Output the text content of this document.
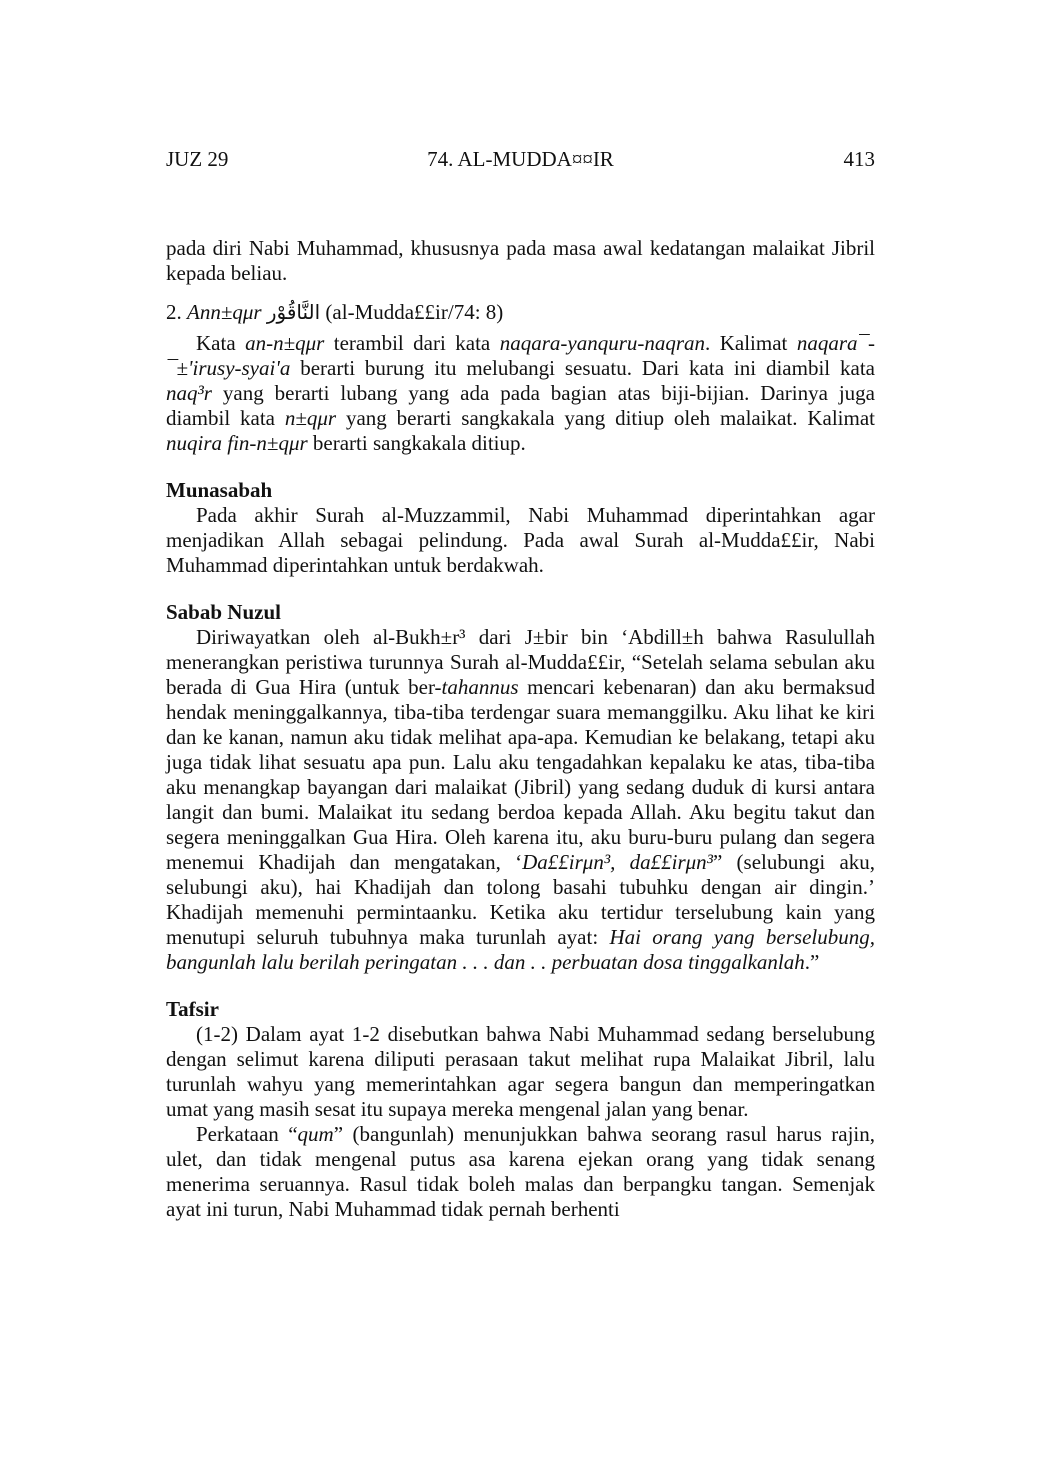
JUZ 29	74. AL-MUDDA¤¤IR	413

pada diri Nabi Muhammad, khususnya pada masa awal kedatangan malaikat Jibril kepada beliau.

2. Ann±qμr النَّاقُوْر (al-Mudda££ir/74: 8)

Kata an-n±qμr terambil dari kata naqara-yanquru-naqran. Kalimat naqara¯-¯±'irusy-syai'a berarti burung itu melubangi sesuatu. Dari kata ini diambil kata naq³r yang berarti lubang yang ada pada bagian atas biji-bijian. Darinya juga diambil kata n±qμr yang berarti sangkakala yang ditiup oleh malaikat. Kalimat nuqira fin-n±qμr berarti sangkakala ditiup.

Munasabah

Pada akhir Surah al-Muzzammil, Nabi Muhammad diperintahkan agar menjadikan Allah sebagai pelindung. Pada awal Surah al-Mudda££ir, Nabi Muhammad diperintahkan untuk berdakwah.

Sabab Nuzul

Diriwayatkan oleh al-Bukh±r³ dari J±bir bin ‘Abdill±h bahwa Rasulullah menerangkan peristiwa turunnya Surah al-Mudda££ir, “Setelah selama sebulan aku berada di Gua Hira (untuk ber-tahannus mencari kebenaran) dan aku bermaksud hendak meninggalkannya, tiba-tiba terdengar suara memanggilku. Aku lihat ke kiri dan ke kanan, namun aku tidak melihat apa-apa. Kemudian ke belakang, tetapi aku juga tidak lihat sesuatu apa pun. Lalu aku tengadahkan kepalaku ke atas, tiba-tiba aku menangkap bayangan dari malaikat (Jibril) yang sedang duduk di kursi antara langit dan bumi. Malaikat itu sedang berdoa kepada Allah. Aku begitu takut dan segera meninggalkan Gua Hira. Oleh karena itu, aku buru-buru pulang dan segera menemui Khadijah dan mengatakan, ‘Da££irμn³, da££irμn³” (selubungi aku, selubungi aku), hai Khadijah dan tolong basahi tubuhku dengan air dingin.’ Khadijah memenuhi permintaanku. Ketika aku tertidur terselubung kain yang menutupi seluruh tubuhnya maka turunlah ayat: Hai orang yang berselubung, bangunlah lalu berilah peringatan . . . dan . . perbuatan dosa tinggalkanlah.”

Tafsir

(1-2) Dalam ayat 1-2 disebutkan bahwa Nabi Muhammad sedang berselubung dengan selimut karena diliputi perasaan takut melihat rupa Malaikat Jibril, lalu turunlah wahyu yang memerintahkan agar segera bangun dan memperingatkan umat yang masih sesat itu supaya mereka mengenal jalan yang benar.

Perkataan “qum” (bangunlah) menunjukkan bahwa seorang rasul harus rajin, ulet, dan tidak mengenal putus asa karena ejekan orang yang tidak senang menerima seruannya. Rasul tidak boleh malas dan berpangku tangan. Semenjak ayat ini turun, Nabi Muhammad tidak pernah berhenti
